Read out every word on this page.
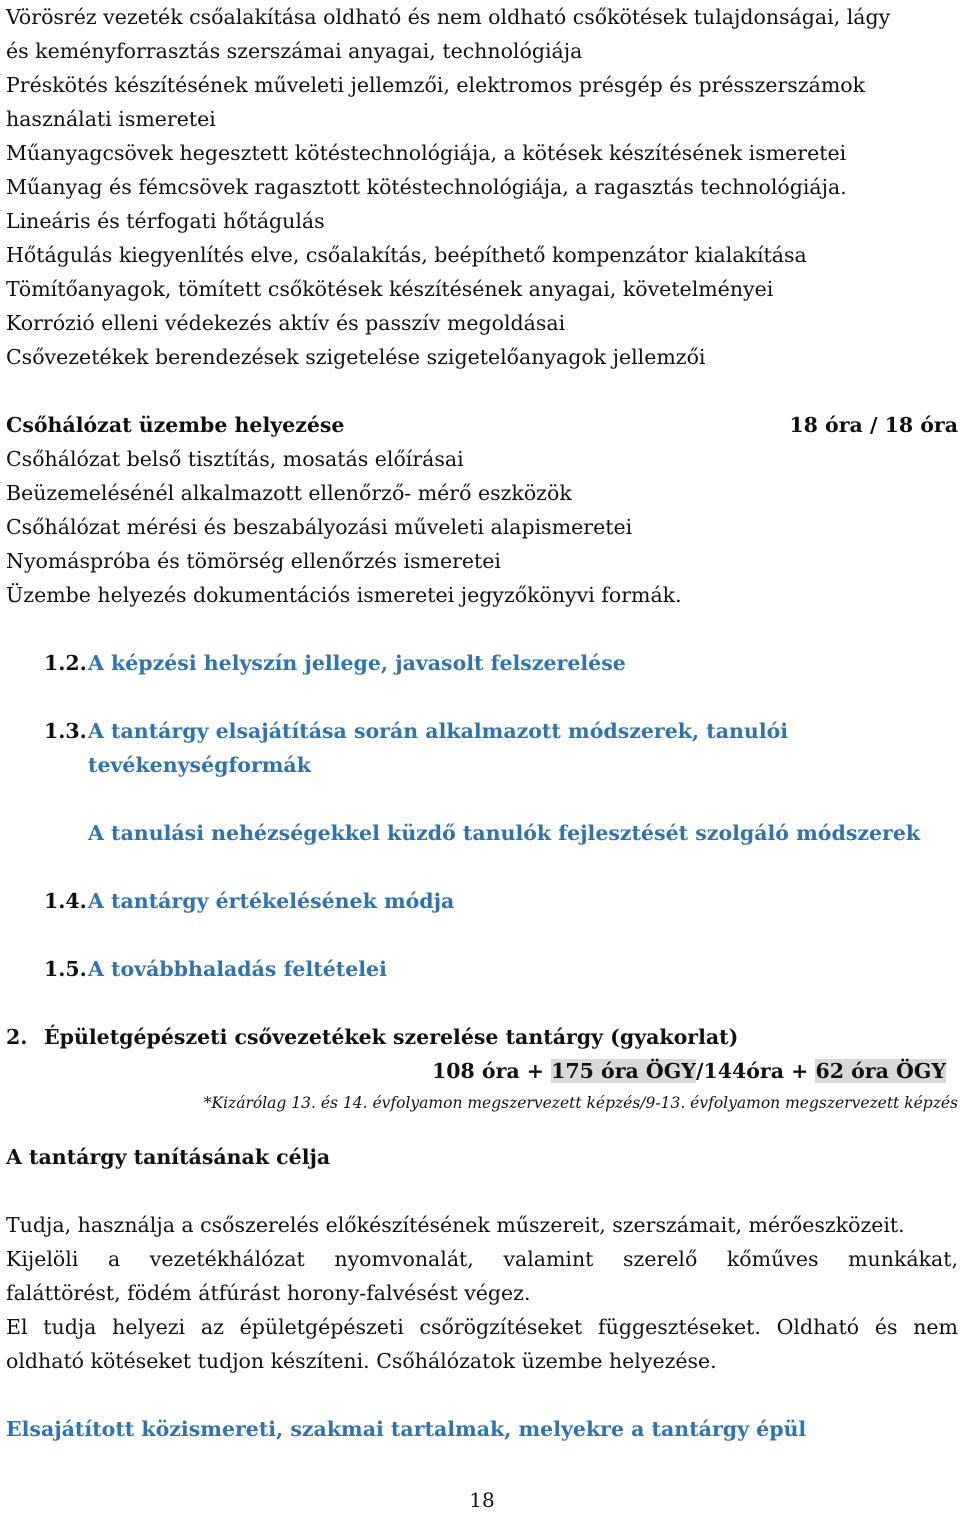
Vörösréz vezeték csőalakítása oldható és nem oldható csőkötések tulajdonságai, lágy
és keményforrasztás szerszámai anyagai, technológiája
Préskötés készítésének műveleti jellemzői, elektromos présgép és présszerszámok
használati ismeretei
Műanyagcsövek hegesztett kötéstechnológiája, a kötések készítésének ismeretei
Műanyag és fémcsövek ragasztott kötéstechnológiája, a ragasztás technológiája.
Lineáris és térfogati hőtágulás
Hőtágulás kiegyenlítés elve, csőalakítás, beépíthető kompenzátor kialakítása
Tömítőanyagok, tömített csőkötések készítésének anyagai, követelményei
Korrózió elleni védekezés aktív és passzív megoldásai
Csővezetékek berendezések szigetelése szigetelőanyagok jellemzői
Csőhálózat üzembe helyezése	18 óra / 18 óra
Csőhálózat belső tisztítás, mosatás előírásai
Beüzemelésénél alkalmazott ellenőrző- mérő eszközök
Csőhálózat mérési és beszabályozási műveleti alapismeretei
Nyomáspróba és tömörség ellenőrzés ismeretei
Üzembe helyezés dokumentációs ismeretei jegyzőkönyvi formák.
1.2.A képzési helyszín jellege, javasolt felszerelése
1.3.A tantárgy elsajátítása során alkalmazott módszerek, tanulói
tevékenységformák
A tanulási nehézségekkel küzdő tanulók fejlesztését szolgáló módszerek
1.4.A tantárgy értékelésének módja
1.5.A továbbhaladás feltételei
2. Épületgépészeti csővezetékek szerelése tantárgy (gyakorlat)
108 óra + 175 óra ÖGY/144óra + 62 óra ÖGY
*Kizárólag 13. és 14. évfolyamon megszervezett képzés/9-13. évfolyamon megszervezett képzés
A tantárgy tanításának célja
Tudja, használja a csőszerelés előkészítésének műszereit, szerszámait, mérőeszközeit.
Kijelöli a vezetékhálózat nyomvonalát, valamint szerelő kőműves munkákat,
faláttörést, födém átfúrást horony-falvésést végez.
El tudja helyezi az épületgépészeti csőrögzítéseket függesztéseket. Oldható és nem
oldható kötéseket tudjon készíteni. Csőhálózatok üzembe helyezése.
Elsajátított közismereti, szakmai tartalmak, melyekre a tantárgy épül
18
